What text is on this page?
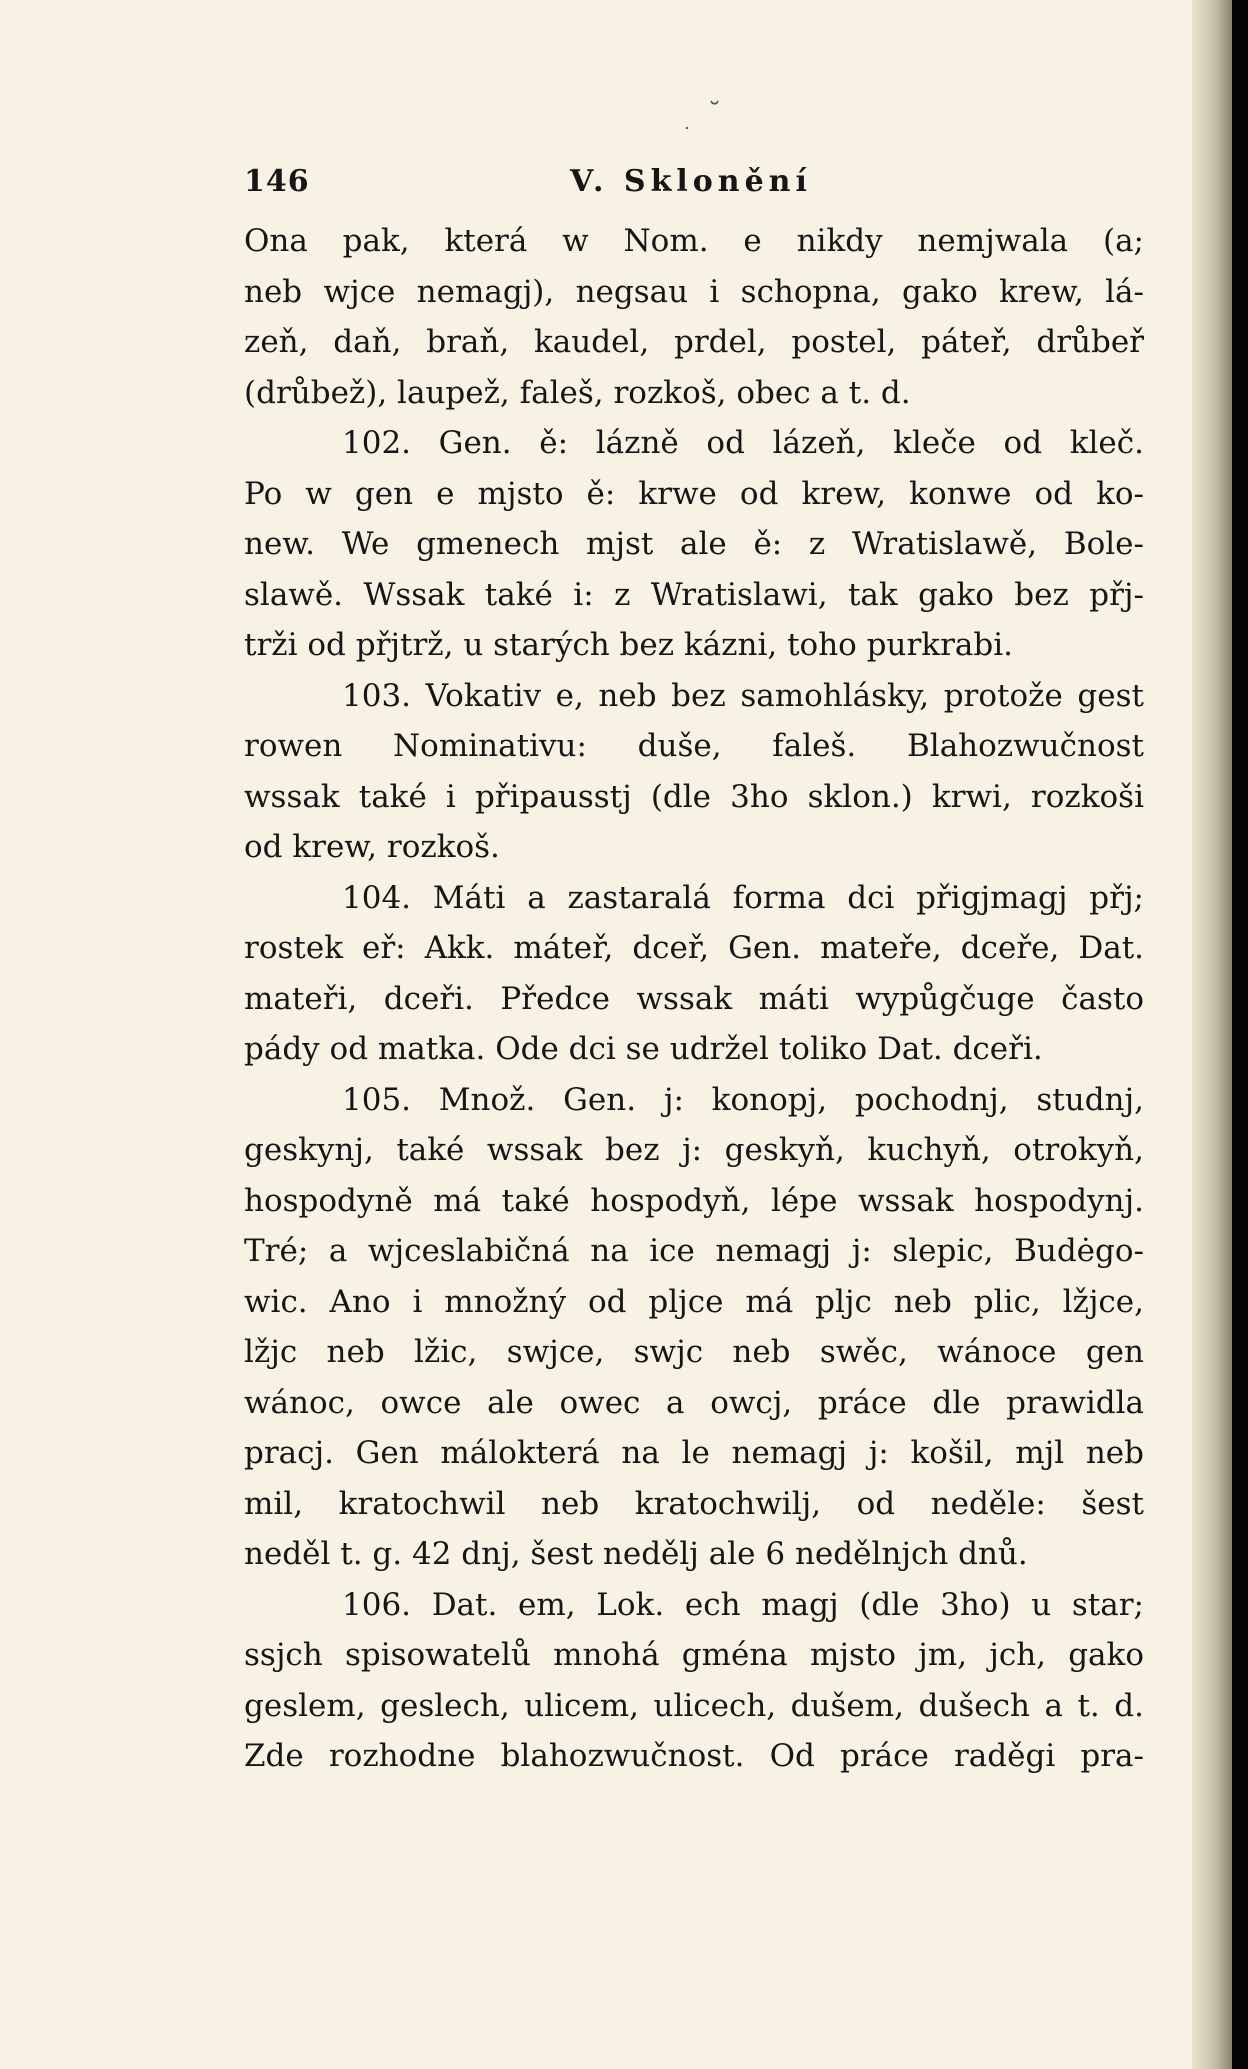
˘
·
146	V. Sklonění
Ona pak, která w Nom. e nikdy nemjwala (a;
neb wjce nemagj), negsau i schopna, gako krew, lá-
zeň, daň, braň, kaudel, prdel, postel, páteř, drůbeř
(drůbež), laupež, faleš, rozkoš, obec a t. d.
102. Gen. ě: lázně od lázeň, kleče od kleč.
Po w gen e mjsto ě: krwe od krew, konwe od ko-
new. We gmenech mjst ale ě: z Wratislawě, Bole-
slawě. Wssak také i: z Wratislawi, tak gako bez přj-
trži od přjtrž, u starých bez kázni, toho purkrabi.
103. Vokativ e, neb bez samohlásky, protože gest
rowen Nominativu: duše, faleš. Blahozwučnost
wssak také i připausstj (dle 3ho sklon.) krwi, rozkoši
od krew, rozkoš.
104. Máti a zastaralá forma dci přigjmagj přj;
rostek eř: Akk. máteř, dceř, Gen. mateře, dceře, Dat.
mateři, dceři. Předce wssak máti wypůgčuge často
pády od matka. Ode dci se udržel toliko Dat. dceři.
105. Množ. Gen. j: konopj, pochodnj, studnj,
geskynj, také wssak bez j: geskyň, kuchyň, otrokyň,
hospodyně má také hospodyň, lépe wssak hospodynj.
Tré; a wjceslabičná na ice nemagj j: slepic, Budėgo-
wic. Ano i množný od pljce má pljc neb plic, lžjce,
lžjc neb lžic, swjce, swjc neb swěc, wánoce gen
wánoc, owce ale owec a owcj, práce dle prawidla
pracj. Gen málokterá na le nemagj j: košil, mjl neb
mil, kratochwil neb kratochwilj, od neděle: šest
neděl t. g. 42 dnj, šest nedělj ale 6 nedělnjch dnů.
106. Dat. em, Lok. ech magj (dle 3ho) u star;
ssjch spisowatelů mnohá gména mjsto jm, jch, gako
geslem, geslech, ulicem, ulicech, dušem, dušech a t. d.
Zde rozhodne blahozwučnost. Od práce raděgi pra-
